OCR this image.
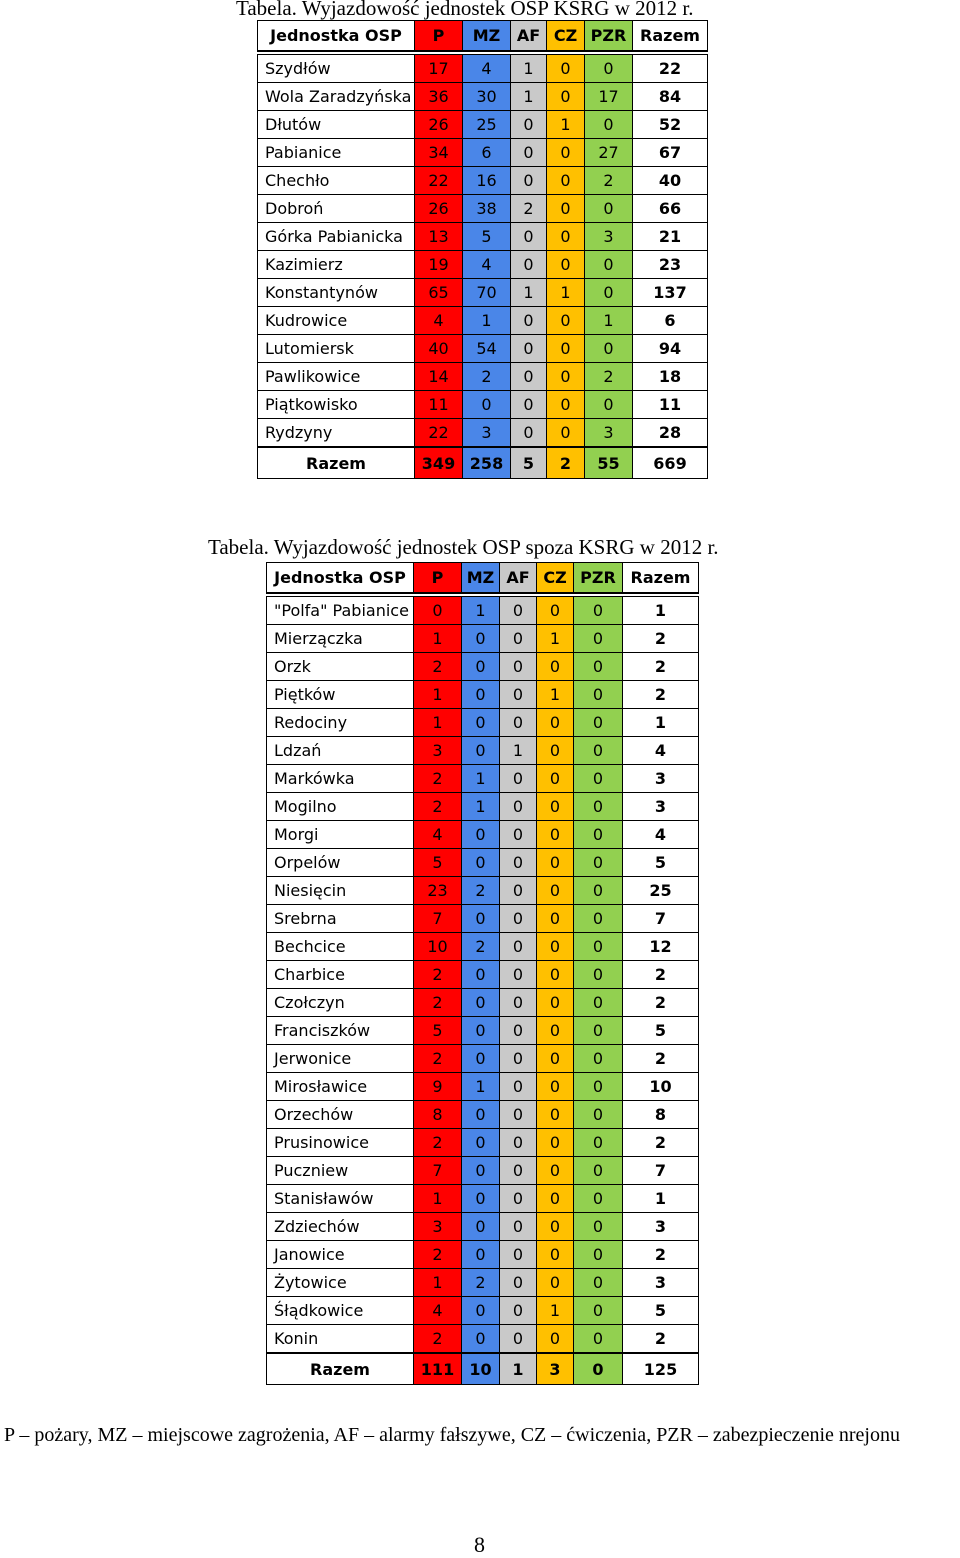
Tabela. Wyjazdowość jednostek OSP KSRG w 2012 r.
Jednostka OSP	P	MZ	AF	CZ	PZR	Razem

Szydłów	17	4	1	0	0	22
Wola Zaradzyńska	36	30	1	0	17	84
Dłutów	26	25	0	1	0	52
Pabianice	34	6	0	0	27	67
Chechło	22	16	0	0	2	40
Dobroń	26	38	2	0	0	66
Górka Pabianicka	13	5	0	0	3	21
Kazimierz	19	4	0	0	0	23
Konstantynów	65	70	1	1	0	137
Kudrowice	4	1	0	0	1	6
Lutomiersk	40	54	0	0	0	94
Pawlikowice	14	2	0	0	2	18
Piątkowisko	11	0	0	0	0	11
Rydzyny	22	3	0	0	3	28
Razem	349	258	5	2	55	669
Tabela. Wyjazdowość jednostek OSP spoza KSRG w 2012 r.
Jednostka OSP	P	MZ	AF	CZ	PZR	Razem

"Polfa" Pabianice	0	1	0	0	0	1
Mierzączka	1	0	0	1	0	2
Orzk	2	0	0	0	0	2
Piętków	1	0	0	1	0	2
Redociny	1	0	0	0	0	1
Ldzań	3	0	1	0	0	4
Markówka	2	1	0	0	0	3
Mogilno	2	1	0	0	0	3
Morgi	4	0	0	0	0	4
Orpelów	5	0	0	0	0	5
Niesięcin	23	2	0	0	0	25
Srebrna	7	0	0	0	0	7
Bechcice	10	2	0	0	0	12
Charbice	2	0	0	0	0	2
Czołczyn	2	0	0	0	0	2
Franciszków	5	0	0	0	0	5
Jerwonice	2	0	0	0	0	2
Mirosławice	9	1	0	0	0	10
Orzechów	8	0	0	0	0	8
Prusinowice	2	0	0	0	0	2
Puczniew	7	0	0	0	0	7
Stanisławów	1	0	0	0	0	1
Zdziechów	3	0	0	0	0	3
Janowice	2	0	0	0	0	2
Żytowice	1	2	0	0	0	3
Śłądkowice	4	0	0	1	0	5
Konin	2	0	0	0	0	2
Razem	111	10	1	3	0	125
P – pożary, MZ – miejscowe zagrożenia, AF – alarmy fałszywe, CZ – ćwiczenia, PZR – zabezpieczenie nrejonu
8
